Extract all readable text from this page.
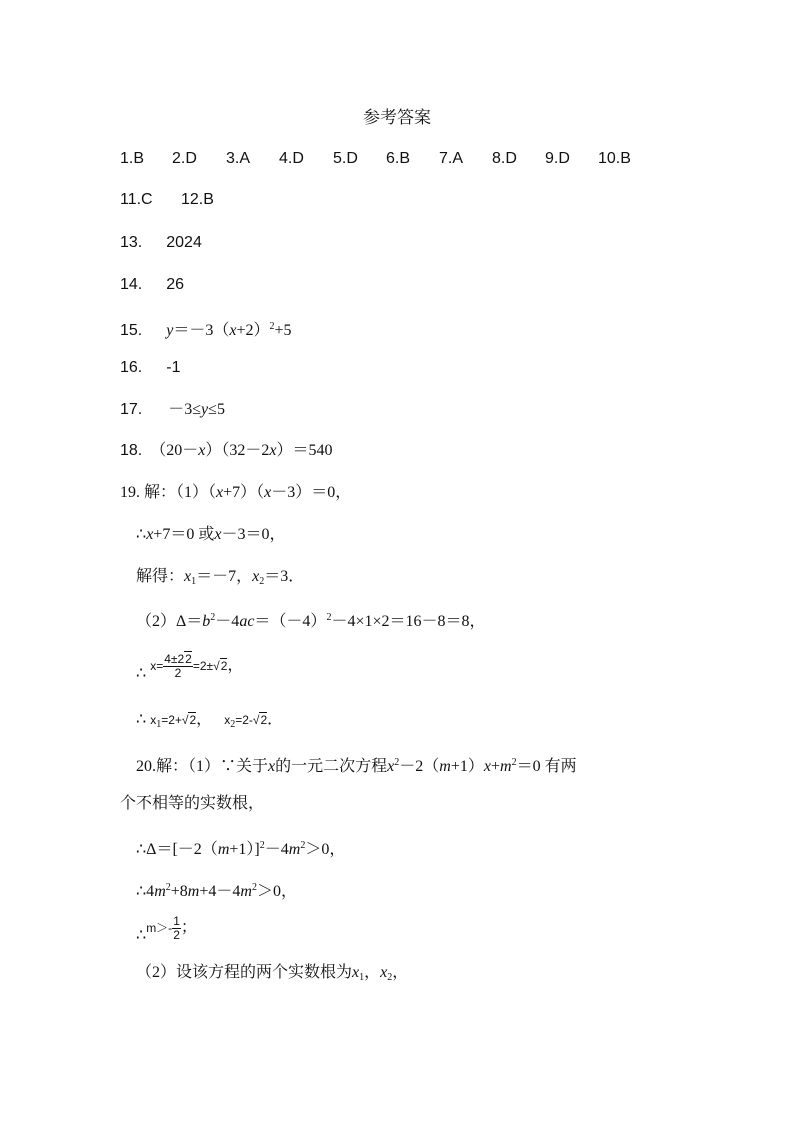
参考答案
1.B 2.D 3.A 4.D 5.D 6.B 7.A 8.D 9.D 10.B
11.C 12.B
13. 2024
14. 26
15. $y=-3(x+2)^2+5$
16. -1
17. －3≤y≤5
18. （20－x）（32－2x）＝540
19. 解：（1）（x+7）（x－3）＝0，
∴x+7＝0 或x－3＝0，
解得：$x_1=-7$，$x_2=3$．
$(2)\Delta=b^2-4ac=(-4)^2-4\times 1\times 2=16-8=8$，
∴ $x= \frac{4\pm 22}{2} =2\pm√2$，
∴ $x_1=2+√2$， $x_2=2-√2$．
20.解：（1）∵关于x的一元二次方程$x^2-2(m+1)x+m^2=0$ 有两
个不相等的实数根，
$\therefore\Delta=[-2(m+1)]^2-4m^2>0$，
$\therefore 4m^2+8m+4-4m^2>0$，
∴m＞- $\frac{1}{2}$ ；
（2）设该方程的两个实数根为$x_1$，$x_2$，
